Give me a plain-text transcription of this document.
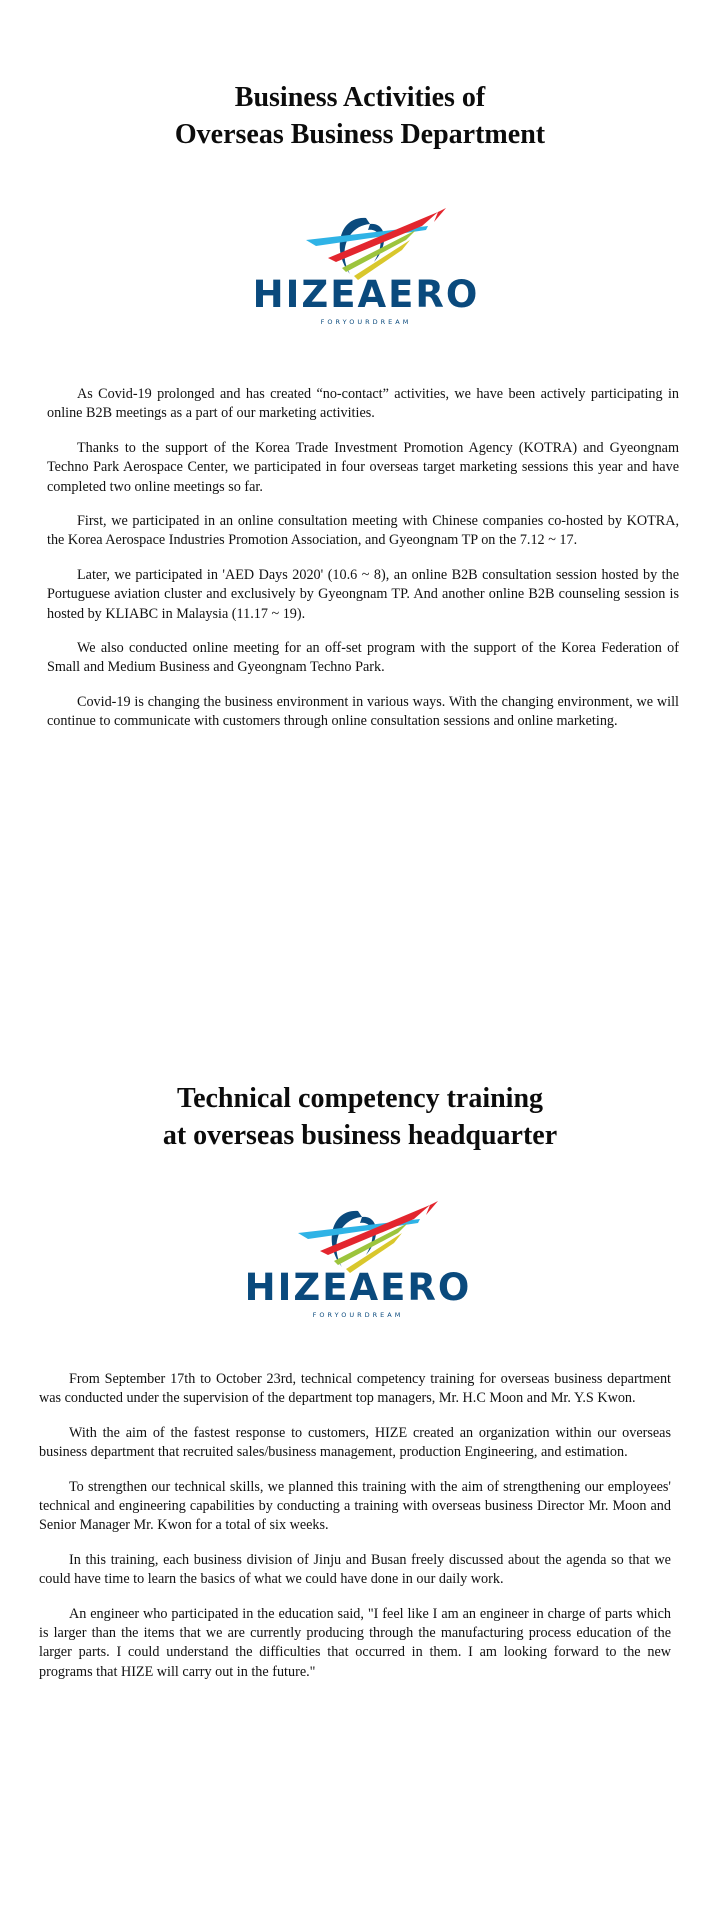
Business Activities of
Overseas Business Department
HIZEAERO
FORYOURDREAM

As Covid-19 prolonged and has created “no-contact” activities, we have been actively participating in online B2B meetings as a part of our marketing activities.

Thanks to the support of the Korea Trade Investment Promotion Agency (KOTRA) and Gyeongnam Techno Park Aerospace Center, we participated in four overseas target marketing sessions this year and have completed two online meetings so far.

First, we participated in an online consultation meeting with Chinese companies co-hosted by KOTRA, the Korea Aerospace Industries Promotion Association, and Gyeongnam TP on the 7.12 ~ 17.

Later, we participated in 'AED Days 2020' (10.6 ~ 8), an online B2B consultation session hosted by the Portuguese aviation cluster and exclusively by Gyeongnam TP. And another online B2B counseling session is hosted by KLIABC in Malaysia (11.17 ~ 19).

We also conducted online meeting for an off-set program with the support of the Korea Federation of Small and Medium Business and Gyeongnam Techno Park.

Covid-19 is changing the business environment in various ways. With the changing environment, we will continue to communicate with customers through online consultation sessions and online marketing.

Technical competency training
at overseas business headquarter
HIZEAERO
FORYOURDREAM

From September 17th to October 23rd, technical competency training for overseas business department was conducted under the supervision of the department top managers, Mr. H.C Moon and Mr. Y.S Kwon.

With the aim of the fastest response to customers, HIZE created an organization within our overseas business department that recruited sales/business management, production Engineering, and estimation.

To strengthen our technical skills, we planned this training with the aim of strengthening our employees' technical and engineering capabilities by conducting a training with overseas business Director Mr. Moon and Senior Manager Mr. Kwon for a total of six weeks.

In this training, each business division of Jinju and Busan freely discussed about the agenda so that we could have time to learn the basics of what we could have done in our daily work.

An engineer who participated in the education said, "I feel like I am an engineer in charge of parts which is larger than the items that we are currently producing through the manufacturing process education of the larger parts. I could understand the difficulties that occurred in them. I am looking forward to the new programs that HIZE will carry out in the future."
